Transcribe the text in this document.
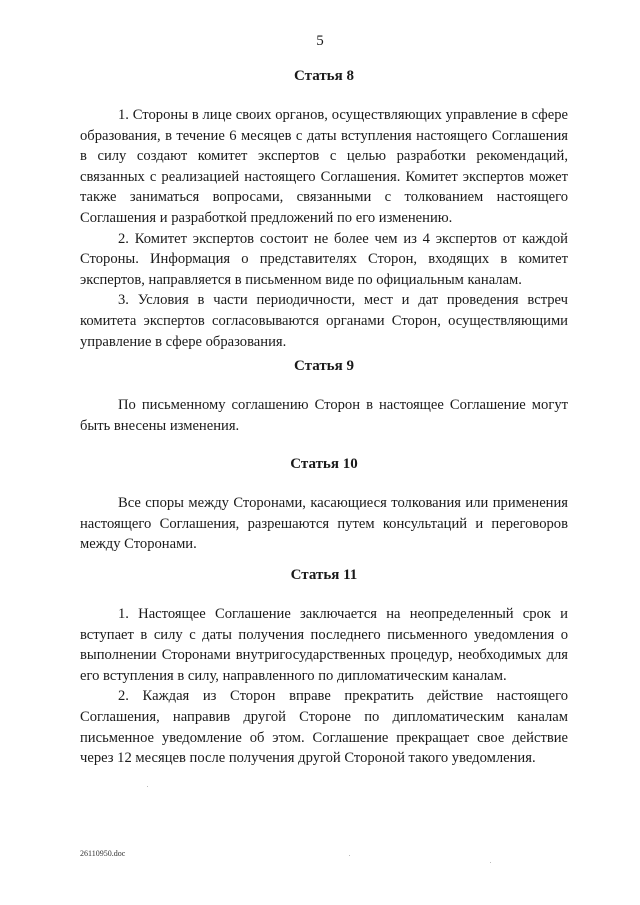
5
Статья 8

1. Стороны в лице своих органов, осуществляющих управление в сфере образования, в течение 6 месяцев с даты вступления настоящего Соглашения в силу создают комитет экспертов с целью разработки рекомендаций, связанных с реализацией настоящего Соглашения. Комитет экспертов может также заниматься вопросами, связанными с толкованием настоящего Соглашения и разработкой предложений по его изменению.

2. Комитет экспертов состоит не более чем из 4 экспертов от каждой Стороны. Информация о представителях Сторон, входящих в комитет экспертов, направляется в письменном виде по официальным каналам.

3. Условия в части периодичности, мест и дат проведения встреч комитета экспертов согласовываются органами Сторон, осуществляющими управление в сфере образования.

Статья 9

По письменному соглашению Сторон в настоящее Соглашение могут быть внесены изменения.

Статья 10

Все споры между Сторонами, касающиеся толкования или применения настоящего Соглашения, разрешаются путем консультаций и переговоров между Сторонами.

Статья 11

1. Настоящее Соглашение заключается на неопределенный срок и вступает в силу с даты получения последнего письменного уведомления о выполнении Сторонами внутригосударственных процедур, необходимых для его вступления в силу, направленного по дипломатическим каналам.

2. Каждая из Сторон вправе прекратить действие настоящего Соглашения, направив другой Стороне по дипломатическим каналам письменное уведомление об этом. Соглашение прекращает свое действие через 12 месяцев после получения другой Стороной такого уведомления.

26110950.doc
